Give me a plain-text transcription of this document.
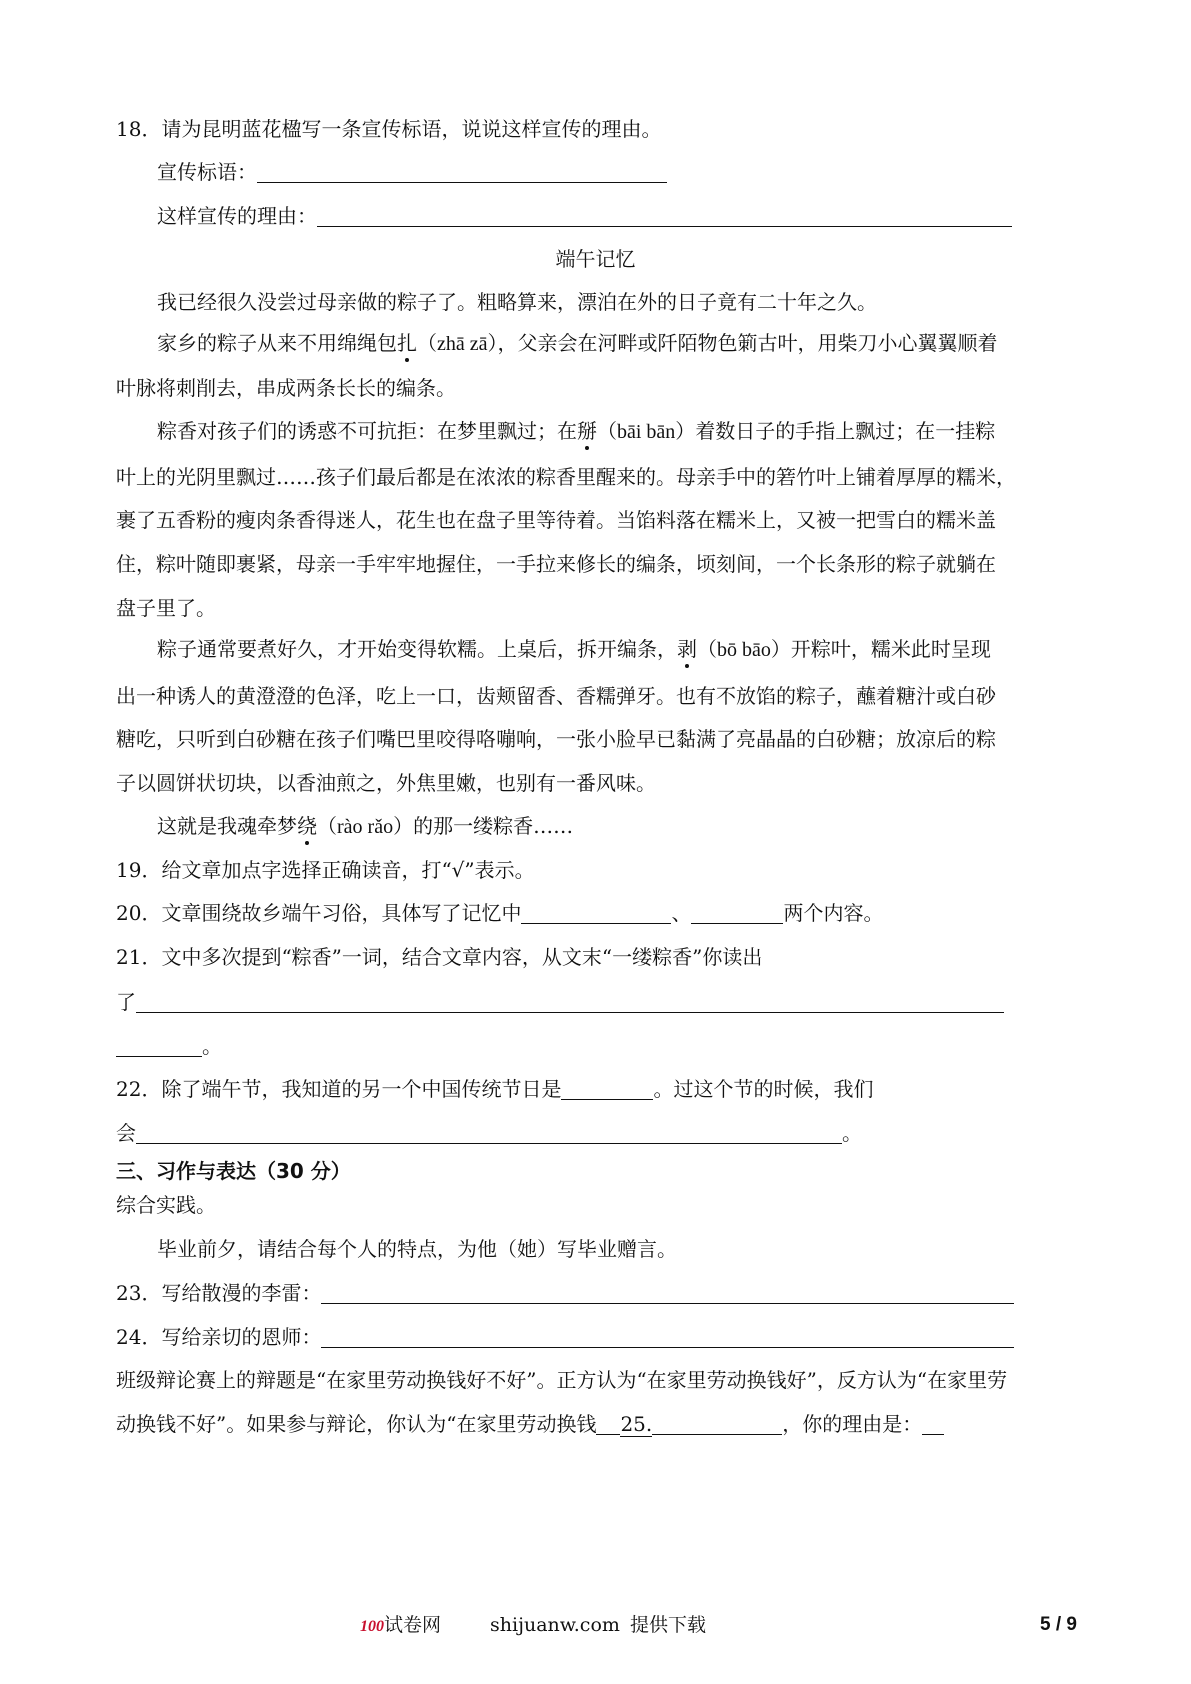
18．请为昆明蓝花楹写一条宣传标语，说说这样宣传的理由。
宣传标语：
这样宣传的理由：
端午记忆
我已经很久没尝过母亲做的粽子了。粗略算来，漂泊在外的日子竟有二十年之久。
家乡的粽子从来不用绵绳包扎（zhā zā），父亲会在河畔或阡陌物色箣古叶，用柴刀小心翼翼顺着
叶脉将刺削去，串成两条长长的编条。
粽香对孩子们的诱惑不可抗拒：在梦里飘过；在掰（bāi bān）着数日子的手指上飘过；在一挂粽
叶上的光阴里飘过……孩子们最后都是在浓浓的粽香里醒来的。母亲手中的箬竹叶上铺着厚厚的糯米，
裹了五香粉的瘦肉条香得迷人，花生也在盘子里等待着。当馅料落在糯米上，又被一把雪白的糯米盖
住，粽叶随即裹紧，母亲一手牢牢地握住，一手拉来修长的编条，顷刻间，一个长条形的粽子就躺在
盘子里了。
粽子通常要煮好久，才开始变得软糯。上桌后，拆开编条，剥（bō bāo）开粽叶，糯米此时呈现
出一种诱人的黄澄澄的色泽，吃上一口，齿颊留香、香糯弹牙。也有不放馅的粽子，蘸着糖汁或白砂
糖吃，只听到白砂糖在孩子们嘴巴里咬得咯嘣响，一张小脸早已黏满了亮晶晶的白砂糖；放凉后的粽
子以圆饼状切块，以香油煎之，外焦里嫩，也别有一番风味。
这就是我魂牵梦绕（rào rǎo）的那一缕粽香……
19．给文章加点字选择正确读音，打“√”表示。
20．文章围绕故乡端午习俗，具体写了记忆中	、	两个内容。
21．文中多次提到“粽香”一词，结合文章内容，从文末“一缕粽香”你读出
了
。
22．除了端午节，我知道的另一个中国传统节日是	。过这个节的时候，我们
会	。
三、习作与表达（30 分）
综合实践。
毕业前夕，请结合每个人的特点，为他（她）写毕业赠言。
23．写给散漫的李雷：
24．写给亲切的恩师：
班级辩论赛上的辩题是“在家里劳动换钱好不好”。正方认为“在家里劳动换钱好”，反方认为“在家里劳
动换钱不好”。如果参与辩论，你认为“在家里劳动换钱 25.	，你的理由是：
100试卷网	shijuanw.com 提供下载	5 / 9
